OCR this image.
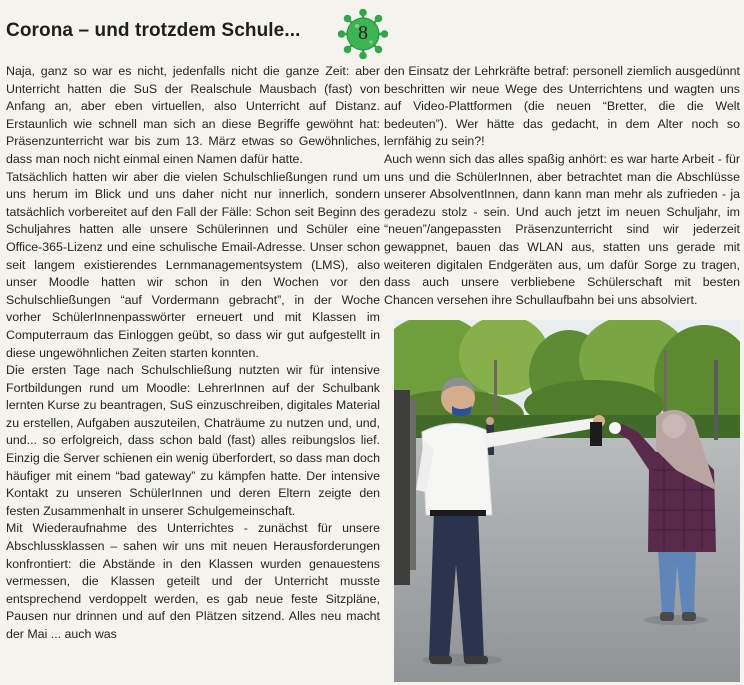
Corona – und trotzdem Schule...	8

Naja, ganz so war es nicht, jedenfalls nicht die ganze Zeit: aber Unterricht hatten die SuS der Realschule Mausbach (fast) von Anfang an, aber eben virtuellen, also Unterricht auf Distanz. Erstaunlich wie schnell man sich an diese Begriffe gewöhnt hat: Präsenzunterricht war bis zum 13. März etwas so Gewöhnliches, dass man noch nicht einmal einen Namen dafür hatte.

Tatsächlich hatten wir aber die vielen Schulschließungen rund um uns herum im Blick und uns daher nicht nur innerlich, sondern tatsächlich vorbereitet auf den Fall der Fälle: Schon seit Beginn des Schuljahres hatten alle unsere Schülerinnen und Schüler eine Office-365-Lizenz und eine schulische Email-Adresse. Unser schon seit langem existierendes Lernmanagementsystem (LMS), also unser Moodle hatten wir schon in den Wochen vor den Schulschließungen “auf Vordermann gebracht”, in der Woche vorher SchülerInnenpasswörter erneuert und mit Klassen im Computerraum das Einloggen geübt, so dass wir gut aufgestellt in diese ungewöhnlichen Zeiten starten konnten.

Die ersten Tage nach Schulschließung nutzten wir für intensive Fortbildungen rund um Moodle: LehrerInnen auf der Schulbank lernten Kurse zu beantragen, SuS einzuschreiben, digitales Material zu erstellen, Aufgaben auszuteilen, Chaträume zu nutzen und, und, und... so erfolgreich, dass schon bald (fast) alles reibungslos lief. Einzig die Server schienen ein wenig überfordert, so dass man doch häufiger mit einem “bad gateway” zu kämpfen hatte. Der intensive Kontakt zu unseren SchülerInnen und deren Eltern zeigte den festen Zusammenhalt in unserer Schulgemeinschaft.

Mit Wiederaufnahme des Unterrichtes - zunächst für unsere Abschlussklassen – sahen wir uns mit neuen Herausforderungen konfrontiert: die Abstände in den Klassen wurden genauestens vermessen, die Klassen geteilt und der Unterricht musste entsprechend verdoppelt werden, es gab neue feste Sitzpläne, Pausen nur drinnen und auf den Plätzen sitzend. Alles neu macht der Mai ... auch was

den Einsatz der Lehrkräfte betraf: personell ziemlich ausgedünnt beschritten wir neue Wege des Unterrichtens und wagten uns auf Video-Plattformen (die neuen “Bretter, die die Welt bedeuten”). Wer hätte das gedacht, in dem Alter noch so lernfähig zu sein?!

Auch wenn sich das alles spaßig anhört: es war harte Arbeit - für uns und die SchülerInnen, aber betrachtet man die Abschlüsse unserer AbsolventInnen, dann kann man mehr als zufrieden - ja geradezu stolz - sein. Und auch jetzt im neuen Schuljahr, im “neuen”/angepassten Präsenzunterricht sind wir jederzeit gewappnet, bauen das WLAN aus, statten uns gerade mit weiteren digitalen Endgeräten aus, um dafür Sorge zu tragen, dass auch unsere verbliebene Schülerschaft mit besten Chancen versehen ihre Schullaufbahn bei uns absolviert.
